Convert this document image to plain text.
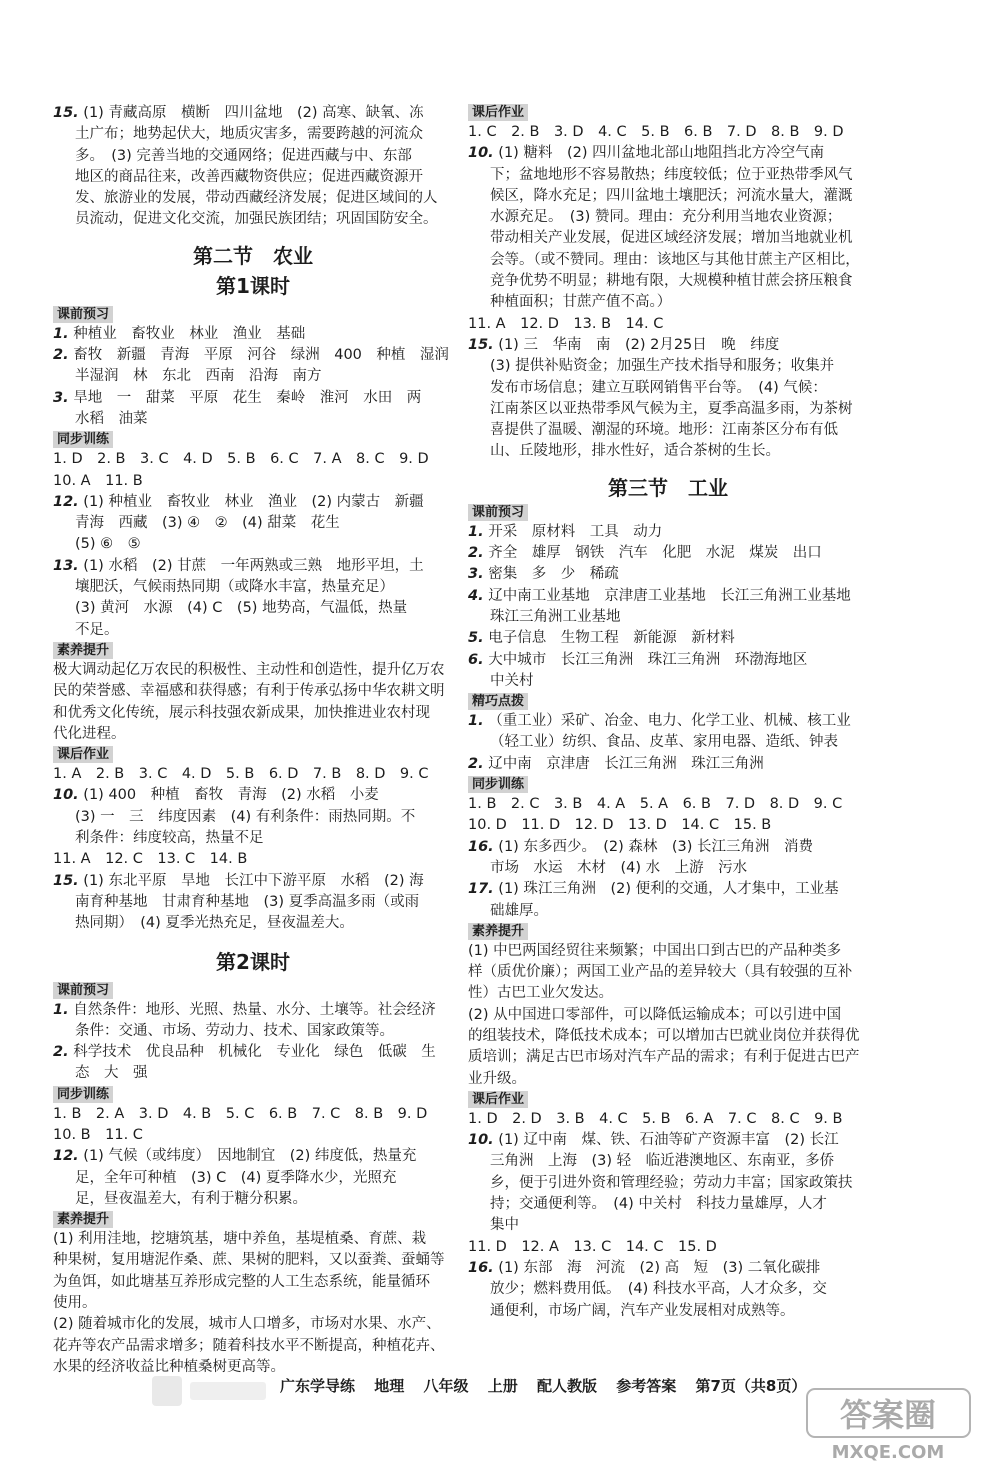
15. (1) 青藏高原　横断　四川盆地　(2) 高寒、缺氧、冻
土广布；地势起伏大，地质灾害多，需要跨越的河流众
多。　(3) 完善当地的交通网络；促进西藏与中、东部
地区的商品往来，改善西藏物资供应；促进西藏资源开
发、旅游业的发展，带动西藏经济发展；促进区域间的人
员流动，促进文化交流，加强民族团结；巩固国防安全。
第二节　农业
第1课时
课前预习
1. 种植业　畜牧业　林业　渔业　基础
2. 畜牧　新疆　青海　平原　河谷　绿洲　400　种植　湿润
半湿润　林　东北　西南　沿海　南方
3. 旱地　一　甜菜　平原　花生　秦岭　淮河　水田　两
水稻　油菜
同步训练
1. D　2. B　3. C　4. D　5. B　6. C　7. A　8. C　9. D
10. A　11. B
12. (1) 种植业　畜牧业　林业　渔业　(2) 内蒙古　新疆
青海　西藏　(3) ④　②　(4) 甜菜　花生
(5) ⑥　⑤
13. (1) 水稻　(2) 甘蔗　一年两熟或三熟　地形平坦，土
壤肥沃，气候雨热同期（或降水丰富，热量充足）
(3) 黄河　水源　(4) C　(5) 地势高，气温低，热量
不足。
素养提升
极大调动起亿万农民的积极性、主动性和创造性，提升亿万农
民的荣誉感、幸福感和获得感；有利于传承弘扬中华农耕文明
和优秀文化传统，展示科技强农新成果，加快推进业农村现
代化进程。
课后作业
1. A　2. B　3. C　4. D　5. B　6. D　7. B　8. D　9. C
10. (1) 400　种植　畜牧　青海　(2) 水稻　小麦
(3) 一　三　纬度因素　(4) 有利条件：雨热同期。不
利条件：纬度较高，热量不足
11. A　12. C　13. C　14. B
15. (1) 东北平原　旱地　长江中下游平原　水稻　(2) 海
南育种基地　甘肃育种基地　(3) 夏季高温多雨（或雨
热同期）　(4) 夏季光热充足，昼夜温差大。
第2课时
课前预习
1. 自然条件：地形、光照、热量、水分、土壤等。社会经济
条件：交通、市场、劳动力、技术、国家政策等。
2. 科学技术　优良品种　机械化　专业化　绿色　低碳　生
态　大　强
同步训练
1. B　2. A　3. D　4. B　5. C　6. B　7. C　8. B　9. D
10. B　11. C
12. (1) 气候（或纬度）　因地制宜　(2) 纬度低，热量充
足，全年可种植　(3) C　(4) 夏季降水少，光照充
足，昼夜温差大，有利于糖分积累。
素养提升
(1) 利用洼地，挖塘筑基，塘中养鱼，基堤植桑、育蔗、栽
种果树，复用塘泥作桑、蔗、果树的肥料，又以蚕粪、蚕蛹等
为鱼饵，如此塘基互养形成完整的人工生态系统，能量循环
使用。
(2) 随着城市化的发展，城市人口增多，市场对水果、水产、
花卉等农产品需求增多；随着科技水平不断提高，种植花卉、
水果的经济收益比种植桑树更高等。
课后作业
1. C　2. B　3. D　4. C　5. B　6. B　7. D　8. B　9. D
10. (1) 糖料　(2) 四川盆地北部山地阻挡北方冷空气南
下；盆地地形不容易散热；纬度较低；位于亚热带季风气
候区，降水充足；四川盆地土壤肥沃；河流水量大，灌溉
水源充足。　(3) 赞同。理由：充分利用当地农业资源；
带动相关产业发展，促进区域经济发展；增加当地就业机
会等。（或不赞同。理由：该地区与其他甘蔗主产区相比，
竞争优势不明显；耕地有限，大规模种植甘蔗会挤压粮食
种植面积；甘蔗产值不高。）
11. A　12. D　13. B　14. C
15. (1) 三　华南　南　(2) 2月25日　晚　纬度
(3) 提供补贴资金；加强生产技术指导和服务；收集并
发布市场信息；建立互联网销售平台等。　(4) 气候：
江南茶区以亚热带季风气候为主，夏季高温多雨，为茶树
喜提供了温暖、潮湿的环境。地形：江南茶区分布有低
山、丘陵地形，排水性好，适合茶树的生长。
第三节　工业
课前预习
1. 开采　原材料　工具　动力
2. 齐全　雄厚　钢铁　汽车　化肥　水泥　煤炭　出口
3. 密集　多　少　稀疏
4. 辽中南工业基地　京津唐工业基地　长江三角洲工业基地
珠江三角洲工业基地
5. 电子信息　生物工程　新能源　新材料
6. 大中城市　长江三角洲　珠江三角洲　环渤海地区
中关村
精巧点拨
1. （重工业）采矿、冶金、电力、化学工业、机械、核工业
（轻工业）纺织、食品、皮革、家用电器、造纸、钟表
2. 辽中南　京津唐　长江三角洲　珠江三角洲
同步训练
1. B　2. C　3. B　4. A　5. A　6. B　7. D　8. D　9. C
10. D　11. D　12. D　13. D　14. C　15. B
16. (1) 东多西少。　(2) 森林　(3) 长江三角洲　消费
市场　水运　木材　(4) 水　上游　污水
17. (1) 珠江三角洲　(2) 便利的交通，人才集中，工业基
础雄厚。
素养提升
(1) 中巴两国经贸往来频繁；中国出口到古巴的产品种类多
样（质优价廉）；两国工业产品的差异较大（具有较强的互补
性）古巴工业欠发达。
(2) 从中国进口零部件，可以降低运输成本；可以引进中国
的组装技术，降低技术成本；可以增加古巴就业岗位并获得优
质培训；满足古巴市场对汽车产品的需求；有利于促进古巴产
业升级。
课后作业
1. D　2. D　3. B　4. C　5. B　6. A　7. C　8. C　9. B
10. (1) 辽中南　煤、铁、石油等矿产资源丰富　(2) 长江
三角洲　上海　(3) 轻　临近港澳地区、东南亚，多侨
乡，便于引进外资和管理经验；劳动力丰富；国家政策扶
持；交通便利等。　(4) 中关村　科技力量雄厚，人才
集中
11. D　12. A　13. C　14. C　15. D
16. (1) 东部　海　河流　(2) 高　短　(3) 二氧化碳排
放少；燃料费用低。　(4) 科技水平高，人才众多，交
通便利，市场广阔，汽车产业发展相对成熟等。
广东学导练 地理 八年级 上册 配人教版 参考答案 第7页（共8页）
答案圈
MXQE.COM
